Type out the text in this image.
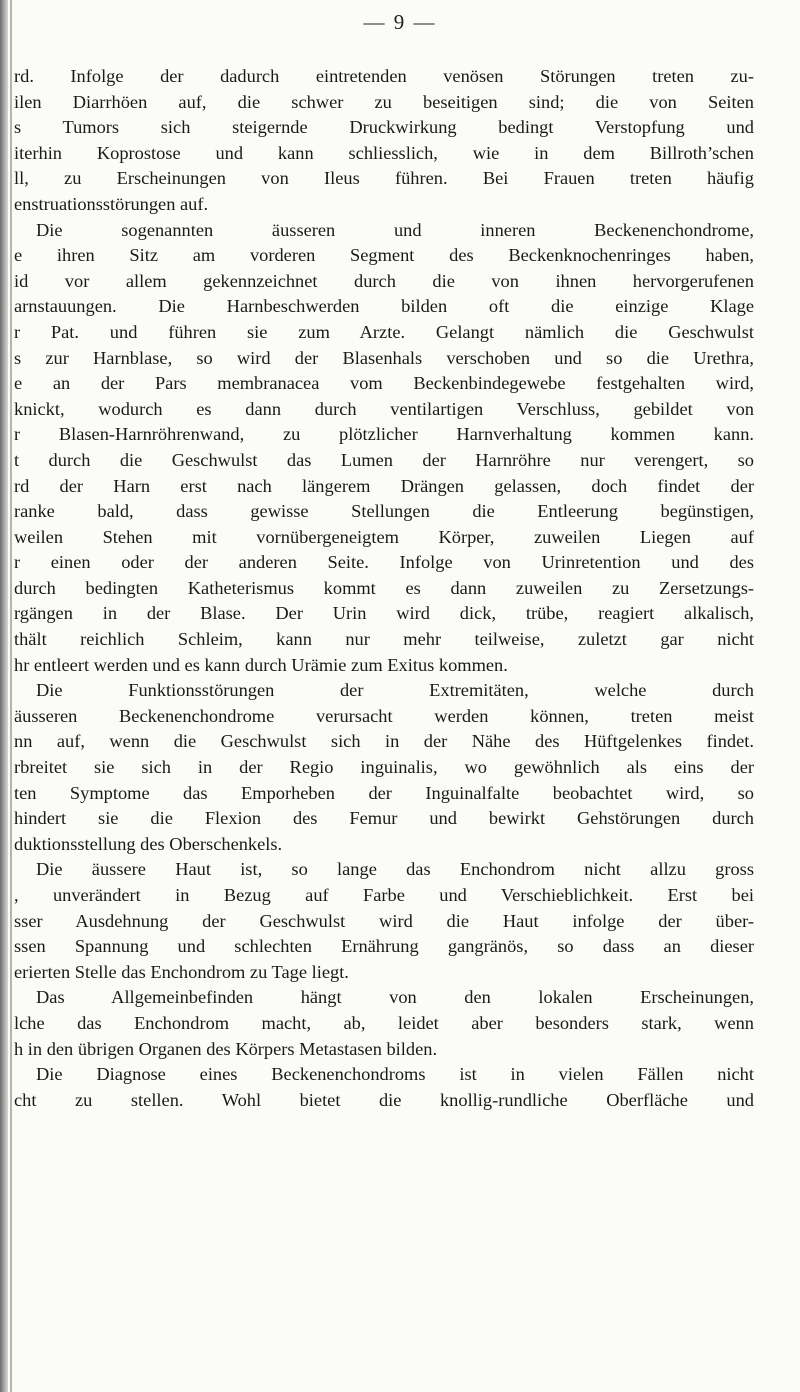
— 9 —
rd. Infolge der dadurch eintretenden venösen Störungen treten zu-
ilen Diarrhöen auf, die schwer zu beseitigen sind; die von Seiten
s Tumors sich steigernde Druckwirkung bedingt Verstopfung und
iterhin Koprostose und kann schliesslich, wie in dem Billroth’schen
ll, zu Erscheinungen von Ileus führen. Bei Frauen treten häufig
enstruationsstörungen auf.
Die sogenannten äusseren und inneren Beckenenchondrome,
e ihren Sitz am vorderen Segment des Beckenknochenringes haben,
id vor allem gekennzeichnet durch die von ihnen hervorgerufenen
arnstauungen. Die Harnbeschwerden bilden oft die einzige Klage
r Pat. und führen sie zum Arzte. Gelangt nämlich die Geschwulst
s zur Harnblase, so wird der Blasenhals verschoben und so die Urethra,
e an der Pars membranacea vom Beckenbindegewebe festgehalten wird,
knickt, wodurch es dann durch ventilartigen Verschluss, gebildet von
r Blasen-Harnröhrenwand, zu plötzlicher Harnverhaltung kommen kann.
t durch die Geschwulst das Lumen der Harnröhre nur verengert, so
rd der Harn erst nach längerem Drängen gelassen, doch findet der
ranke bald, dass gewisse Stellungen die Entleerung begünstigen,
weilen Stehen mit vornübergeneigtem Körper, zuweilen Liegen auf
r einen oder der anderen Seite. Infolge von Urinretention und des
durch bedingten Katheterismus kommt es dann zuweilen zu Zersetzungs-
rgängen in der Blase. Der Urin wird dick, trübe, reagiert alkalisch,
thält reichlich Schleim, kann nur mehr teilweise, zuletzt gar nicht
hr entleert werden und es kann durch Urämie zum Exitus kommen.
Die Funktionsstörungen der Extremitäten, welche durch
äusseren Beckenenchondrome verursacht werden können, treten meist
nn auf, wenn die Geschwulst sich in der Nähe des Hüftgelenkes findet.
rbreitet sie sich in der Regio inguinalis, wo gewöhnlich als eins der
ten Symptome das Emporheben der Inguinalfalte beobachtet wird, so
hindert sie die Flexion des Femur und bewirkt Gehstörungen durch
duktionsstellung des Oberschenkels.
Die äussere Haut ist, so lange das Enchondrom nicht allzu gross
, unverändert in Bezug auf Farbe und Verschieblichkeit. Erst bei
sser Ausdehnung der Geschwulst wird die Haut infolge der über-
ssen Spannung und schlechten Ernährung gangränös, so dass an dieser
erierten Stelle das Enchondrom zu Tage liegt.
Das Allgemeinbefinden hängt von den lokalen Erscheinungen,
lche das Enchondrom macht, ab, leidet aber besonders stark, wenn
h in den übrigen Organen des Körpers Metastasen bilden.
Die Diagnose eines Beckenenchondroms ist in vielen Fällen nicht
cht zu stellen. Wohl bietet die knollig-rundliche Oberfläche und
